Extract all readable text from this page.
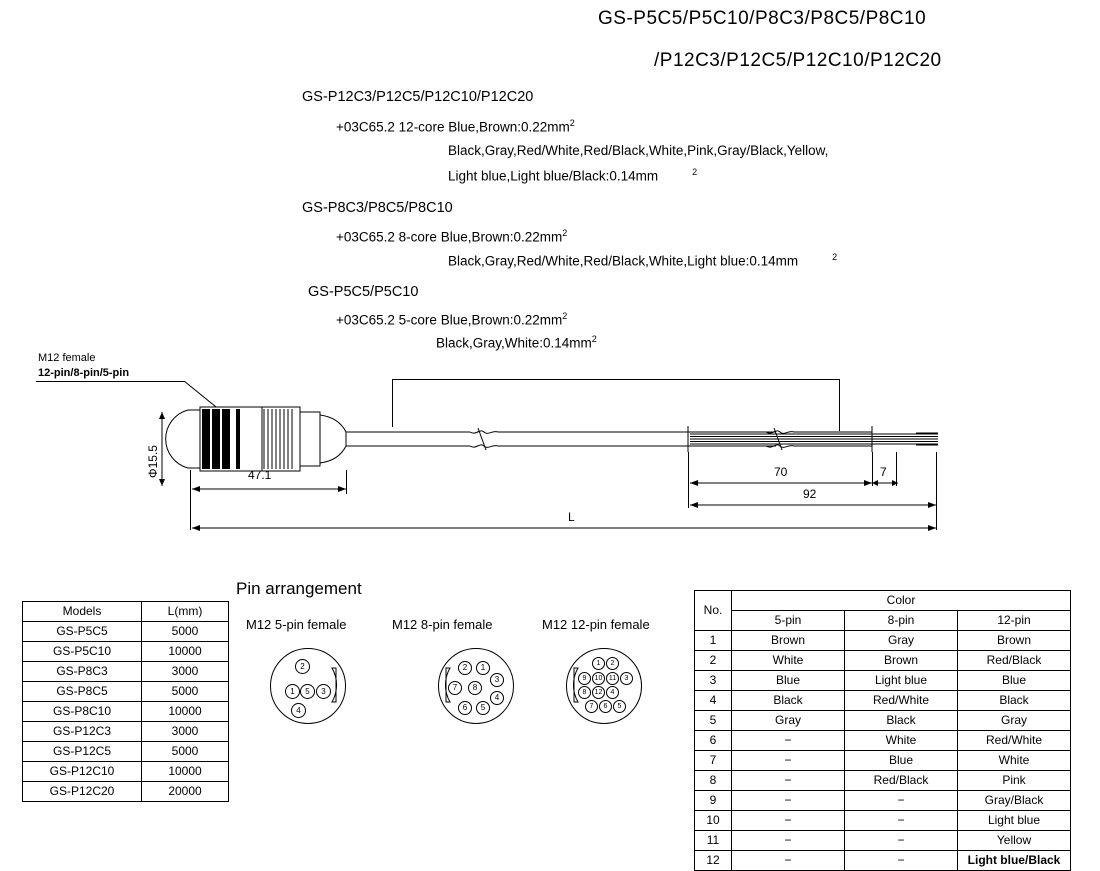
GS-P5C5/P5C10/P8C3/P8C5/P8C10
/P12C3/P12C5/P12C10/P12C20
GS-P12C3/P12C5/P12C10/P12C20
+03C65.2 12-core $Blue,Brown:0.22mm^2$
Black,Gray,Red/White,Red/Black,White,Pink,Gray/Black,Yellow,
Light blue,Light blue/Black:0.14mm	$^2$
GS-P8C3/P8C5/P8C10
+03C65.2 8-core $Blue,Brown:0.22mm^2$
Black,Gray,Red/White,Red/Black,White,Light blue:0.14mm	$^2$
GS-P5C5/P5C10
+03C65.2 5-core $Blue,Brown:0.22mm^2$
$Black,Gray,White:0.14mm^2$
M12 female
12-pin/8-pin/5-pin
Φ15.5	47.1	70	7
92
L
Models	L(mm)
GS-P5C5	5000
GS-P5C10	10000
GS-P8C3	3000
GS-P8C5	5000
GS-P8C10	10000
GS-P12C3	3000
GS-P12C5	5000
GS-P12C10	10000
GS-P12C20	20000
Pin arrangement
M12 5-pin female
2
1	5	3
4
M12 8-pin female
2	1
3
7	8
4
6	5
M12 12-pin female
1	2
9	10 11	3
8	12	4
7	6	5
No.	Color		
	5-pin	8-pin	12-pin
1	Brown	Gray	Brown
2	White	Brown	Red/Black
3	Blue	Light blue	Blue
4	Black	Red/White	Black
5	Gray	Black	Gray
6	−	White	Red/White
7	−	Blue	White
8	−	Red/Black	Pink
9	−	−	Gray/Black
10	−	−	Light blue
11	−	−	Yellow
12	−	−	Light blue/Black
